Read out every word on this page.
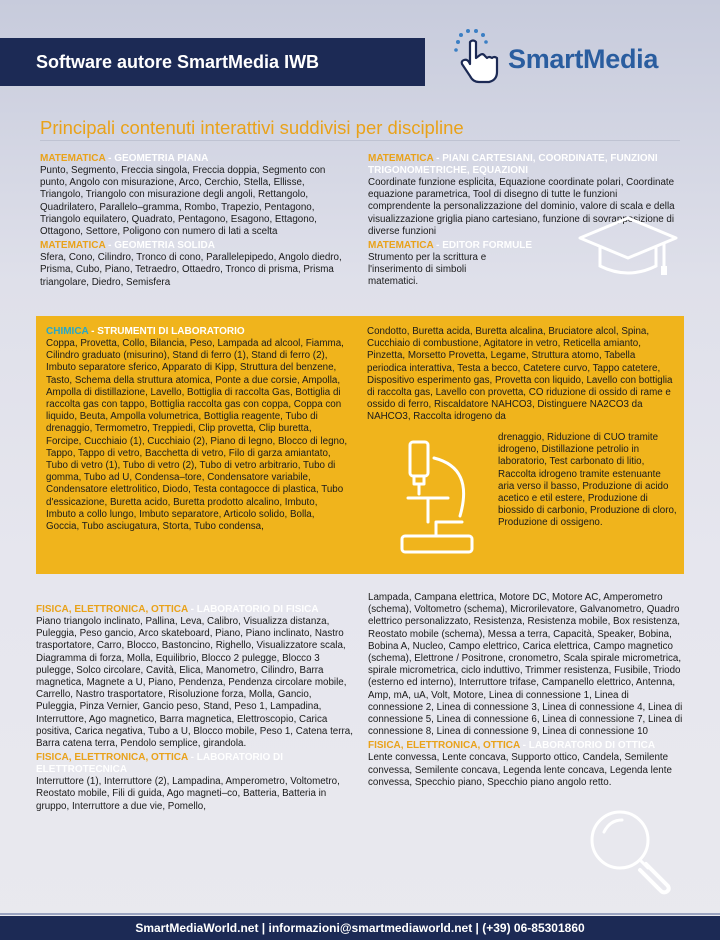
Software autore SmartMedia IWB	SmartMedia
Principali contenuti interattivi suddivisi per discipline
MATEMATICA - GEOMETRIA PIANA

Punto, Segmento, Freccia singola, Freccia doppia, Segmento con punto, Angolo con misurazione, Arco, Cerchio, Stella, Ellisse, Triangolo, Triangolo con misurazione degli angoli, Rettangolo, Quadrilatero, Parallelo–gramma, Rombo, Trapezio, Pentagono, Triangolo equilatero, Quadrato, Pentagono, Esagono, Ettagono, Ottagono, Settore, Poligono con numero di lati a scelta

MATEMATICA - GEOMETRIA SOLIDA

Sfera, Cono, Cilindro, Tronco di cono, Parallelepipedo, Angolo diedro, Prisma, Cubo, Piano, Tetraedro, Ottaedro, Tronco di prisma, Prisma triangolare, Diedro, Semisfera

MATEMATICA - PIANI CARTESIANI, COORDINATE, FUNZIONI TRIGONOMETRICHE, EQUAZIONI

Coordinate funzione esplicita, Equazione coordinate polari, Coordinate equazione parametrica, Tool di disegno di tutte le funzioni comprendente la personalizzazione del dominio, valore di scala e della visualizzazione griglia piano cartesiano, funzione di sovrapposizione di diverse funzioni

MATEMATICA - EDITOR FORMULE

Strumento per la scrittura e l'inserimento di simboli matematici.

CHIMICA - STRUMENTI DI LABORATORIO

Coppa, Provetta, Collo, Bilancia, Peso, Lampada ad alcool, Fiamma, Cilindro graduato (misurino), Stand di ferro (1), Stand di ferro (2), Imbuto separatore sferico, Apparato di Kipp, Struttura del benzene, Tasto, Schema della struttura atomica, Ponte a due corsie, Ampolla, Ampolla di distillazione, Lavello, Bottiglia di raccolta Gas, Bottiglia di raccolta gas con tappo, Bottiglia raccolta gas con coppa, Coppa con liquido, Beuta, Ampolla volumetrica, Bottiglia reagente, Tubo di drenaggio, Termometro, Treppiedi, Clip provetta, Clip buretta, Forcipe, Cucchiaio (1), Cucchiaio (2), Piano di legno, Blocco di legno, Tappo, Tappo di vetro, Bacchetta di vetro, Filo di garza amiantato, Tubo di vetro (1), Tubo di vetro (2), Tubo di vetro arbitrario, Tubo di gomma, Tubo ad U, Condensa–tore, Condensatore variabile, Condensatore elettrolitico, Diodo, Testa contagocce di plastica, Tubo d'essicazione, Buretta acido, Buretta prodotto alcalino, Imbuto, Imbuto a collo lungo, Imbuto separatore, Articolo solido, Bolla, Goccia, Tubo asciugatura, Storta, Tubo condensa,

Condotto, Buretta acida, Buretta alcalina, Bruciatore alcol, Spina, Cucchiaio di combustione, Agitatore in vetro, Reticella amianto, Pinzetta, Morsetto Provetta, Legame, Struttura atomo, Tabella periodica interattiva, Testa a becco, Catetere curvo, Tappo catetere, Dispositivo esperimento gas, Provetta con liquido, Lavello con bottiglia di raccolta gas, Lavello con provetta, CO riduzione di ossido di rame e ossido di ferro, Riscaldatore NAHCO3, Distinguere NA2CO3 da NAHCO3, Raccolta idrogeno da

drenaggio, Riduzione di CUO tramite idrogeno, Distillazione petrolio in laboratorio, Test carbonato di litio, Raccolta idrogeno tramite estenuante aria verso il basso, Produzione di acido acetico e etil estere, Produzione di biossido di carbonio, Produzione di cloro, Produzione di ossigeno.

FISICA, ELETTRONICA, OTTICA - LABORATORIO DI FISICA

Piano triangolo inclinato, Pallina, Leva, Calibro, Visualizza distanza, Puleggia, Peso gancio, Arco skateboard, Piano, Piano inclinato, Nastro trasportatore, Carro, Blocco, Bastoncino, Righello, Visualizzatore scala, Diagramma di forza, Molla, Equilibrio, Blocco 2 pulegge, Blocco 3 pulegge, Solco circolare, Cavità, Elica, Manometro, Cilindro, Barra magnetica, Magnete a U, Piano, Pendenza, Pendenza circolare mobile, Carrello, Nastro trasportatore, Risoluzione forza, Molla, Gancio, Puleggia, Pinza Vernier, Gancio peso, Stand, Peso 1, Lampadina, Interruttore, Ago magnetico, Barra magnetica, Elettroscopio, Carica positiva, Carica negativa, Tubo a U, Blocco mobile, Peso 1, Catena terra, Barra catena terra, Pendolo semplice, girandola.

FISICA, ELETTRONICA, OTTICA - LABORATORIO DI ELETTROTECNICA

Interruttore (1), Interruttore (2), Lampadina, Amperometro, Voltometro, Reostato mobile, Fili di guida, Ago magneti–co, Batteria, Batteria in gruppo, Interruttore a due vie, Pomello,

Lampada, Campana elettrica, Motore DC, Motore AC, Amperometro (schema), Voltometro (schema), Microrilevatore, Galvanometro, Quadro elettrico personalizzato, Resistenza, Resistenza mobile, Box resistenza, Reostato mobile (schema), Messa a terra, Capacità, Speaker, Bobina, Bobina A, Nucleo, Campo elettrico, Carica elettrica, Campo magnetico (schema), Elettrone / Positrone, cronometro, Scala spirale micrometrica, spirale micrometrica, ciclo induttivo, Trimmer resistenza, Fusibile, Triodo (esterno ed interno), Interruttore trifase, Campanello elettrico, Antenna, Amp, mA, uA, Volt, Motore, Linea di connessione 1, Linea di connessione 2, Linea di connessione 3, Linea di connessione 4, Linea di connessione 5, Linea di connessione 6, Linea di connessione 7, Linea di connessione 8, Linea di connessione 9, Linea di connessione 10

FISICA, ELETTRONICA, OTTICA - LABORATORIO DI OTTICA

Lente convessa, Lente concava, Supporto ottico, Candela, Semilente convessa, Semilente concava, Legenda lente concava, Legenda lente convessa, Specchio piano, Specchio piano angolo retto.

SmartMediaWorld.net | informazioni@smartmediaworld.net | (+39) 06-85301860
